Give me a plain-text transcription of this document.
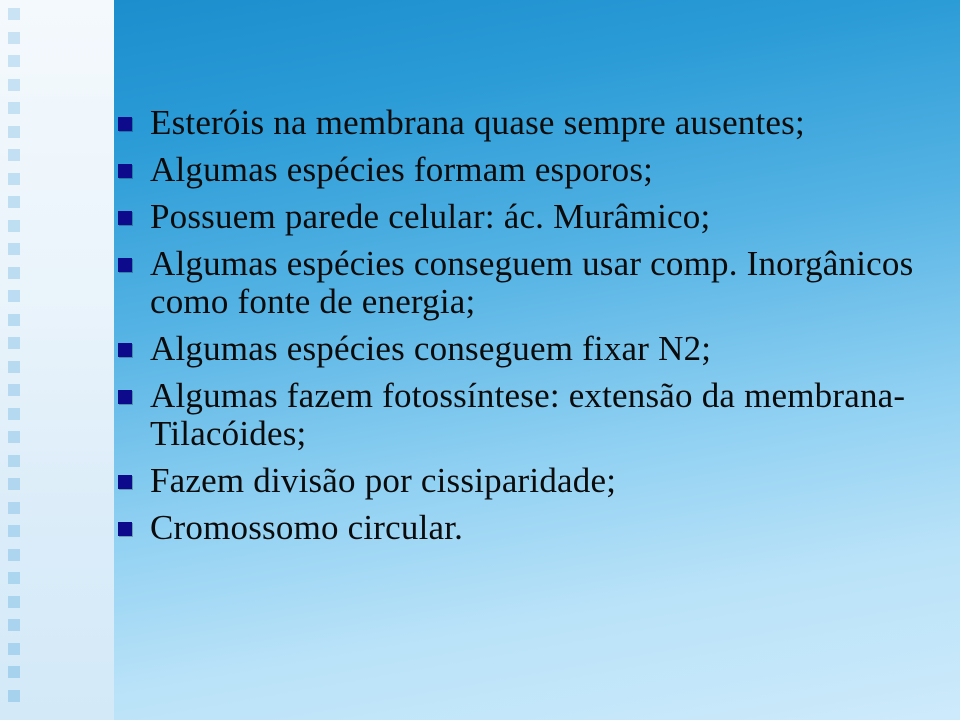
Esteróis na membrana quase sempre ausentes;
Algumas espécies formam esporos;
Possuem parede celular: ác. Murâmico;
Algumas espécies conseguem usar comp. Inorgânicos como fonte de energia;
Algumas espécies conseguem fixar N2;
Algumas fazem fotossíntese: extensão da membrana-Tilacóides;
Fazem divisão por cissiparidade;
Cromossomo circular.
